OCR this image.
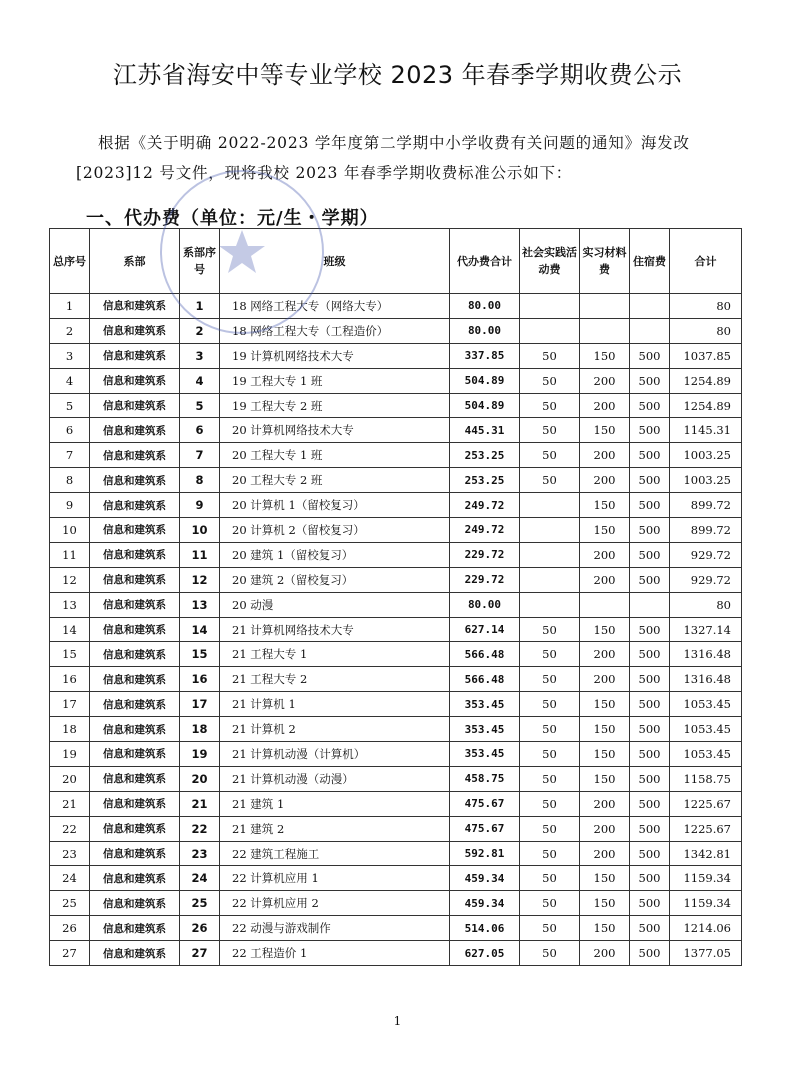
江苏省海安中等专业学校 2023 年春季学期收费公示
根据《关于明确 2022-2023 学年度第二学期中小学收费有关问题的通知》海发改[2023]12 号文件，现将我校 2023 年春季学期收费标准公示如下：
一、代办费（单位：元/生・学期）
总序号	系部	系部序号	班级	代办费合计	社会实践活动费	实习材料费	住宿费	合计
1	信息和建筑系	1	18 网络工程大专（网络大专）	80.00				80
2	信息和建筑系	2	18 网络工程大专（工程造价）	80.00				80
3	信息和建筑系	3	19 计算机网络技术大专	337.85	50	150	500	1037.85
4	信息和建筑系	4	19 工程大专 1 班	504.89	50	200	500	1254.89
5	信息和建筑系	5	19 工程大专 2 班	504.89	50	200	500	1254.89
6	信息和建筑系	6	20 计算机网络技术大专	445.31	50	150	500	1145.31
7	信息和建筑系	7	20 工程大专 1 班	253.25	50	200	500	1003.25
8	信息和建筑系	8	20 工程大专 2 班	253.25	50	200	500	1003.25
9	信息和建筑系	9	20 计算机 1（留校复习）	249.72		150	500	899.72
10	信息和建筑系	10	20 计算机 2（留校复习）	249.72		150	500	899.72
11	信息和建筑系	11	20 建筑 1（留校复习）	229.72		200	500	929.72
12	信息和建筑系	12	20 建筑 2（留校复习）	229.72		200	500	929.72
13	信息和建筑系	13	20 动漫	80.00				80
14	信息和建筑系	14	21 计算机网络技术大专	627.14	50	150	500	1327.14
15	信息和建筑系	15	21 工程大专 1	566.48	50	200	500	1316.48
16	信息和建筑系	16	21 工程大专 2	566.48	50	200	500	1316.48
17	信息和建筑系	17	21 计算机 1	353.45	50	150	500	1053.45
18	信息和建筑系	18	21 计算机 2	353.45	50	150	500	1053.45
19	信息和建筑系	19	21 计算机动漫（计算机）	353.45	50	150	500	1053.45
20	信息和建筑系	20	21 计算机动漫（动漫）	458.75	50	150	500	1158.75
21	信息和建筑系	21	21 建筑 1	475.67	50	200	500	1225.67
22	信息和建筑系	22	21 建筑 2	475.67	50	200	500	1225.67
23	信息和建筑系	23	22 建筑工程施工	592.81	50	200	500	1342.81
24	信息和建筑系	24	22 计算机应用 1	459.34	50	150	500	1159.34
25	信息和建筑系	25	22 计算机应用 2	459.34	50	150	500	1159.34
26	信息和建筑系	26	22 动漫与游戏制作	514.06	50	150	500	1214.06
27	信息和建筑系	27	22 工程造价 1	627.05	50	200	500	1377.05
1
